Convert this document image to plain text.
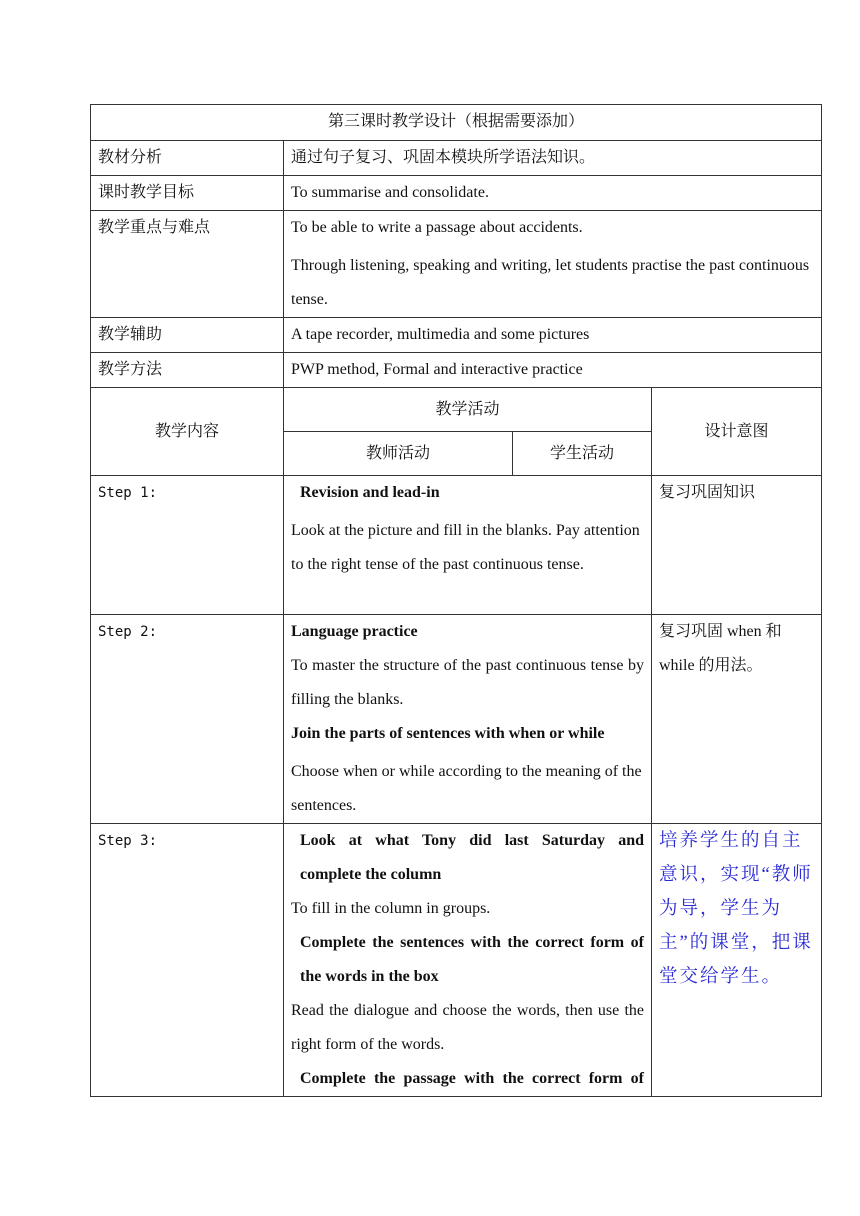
第三课时教学设计（根据需要添加）			
教材分析	通过句子复习、巩固本模块所学语法知识。		
课时教学目标	To summarise and consolidate.		
教学重点与难点	To be able to write a passage about accidents.

Through listening, speaking and writing, let students practise the past continuous tense.		

教学辅助	A tape recorder, multimedia and some pictures		
教学方法	PWP method, Formal and interactive practice		
教学内容	教学活动		设计意图
	教师活动	学生活动	
Step 1:	Revision and lead-in

Look at the picture and fill in the blanks. Pay attention to the right tense of the past continuous tense.		复习巩固知识
Step 2:	Language practice

To master the structure of the past continuous tense by filling the blanks.

Join the parts of sentences with when or while

Choose when or while according to the meaning of the sentences.		复习巩固 when 和 while 的用法。
Step 3:	Look at what Tony did last Saturday and complete the column

To fill in the column in groups.

Complete the sentences with the correct form of the words in the box

Read the dialogue and choose the words, then use the right form of the words.

Complete the passage with the correct form of		培养学生的自主意识，实现“教师为导，学生为主”的课堂，把课堂交给学生。
